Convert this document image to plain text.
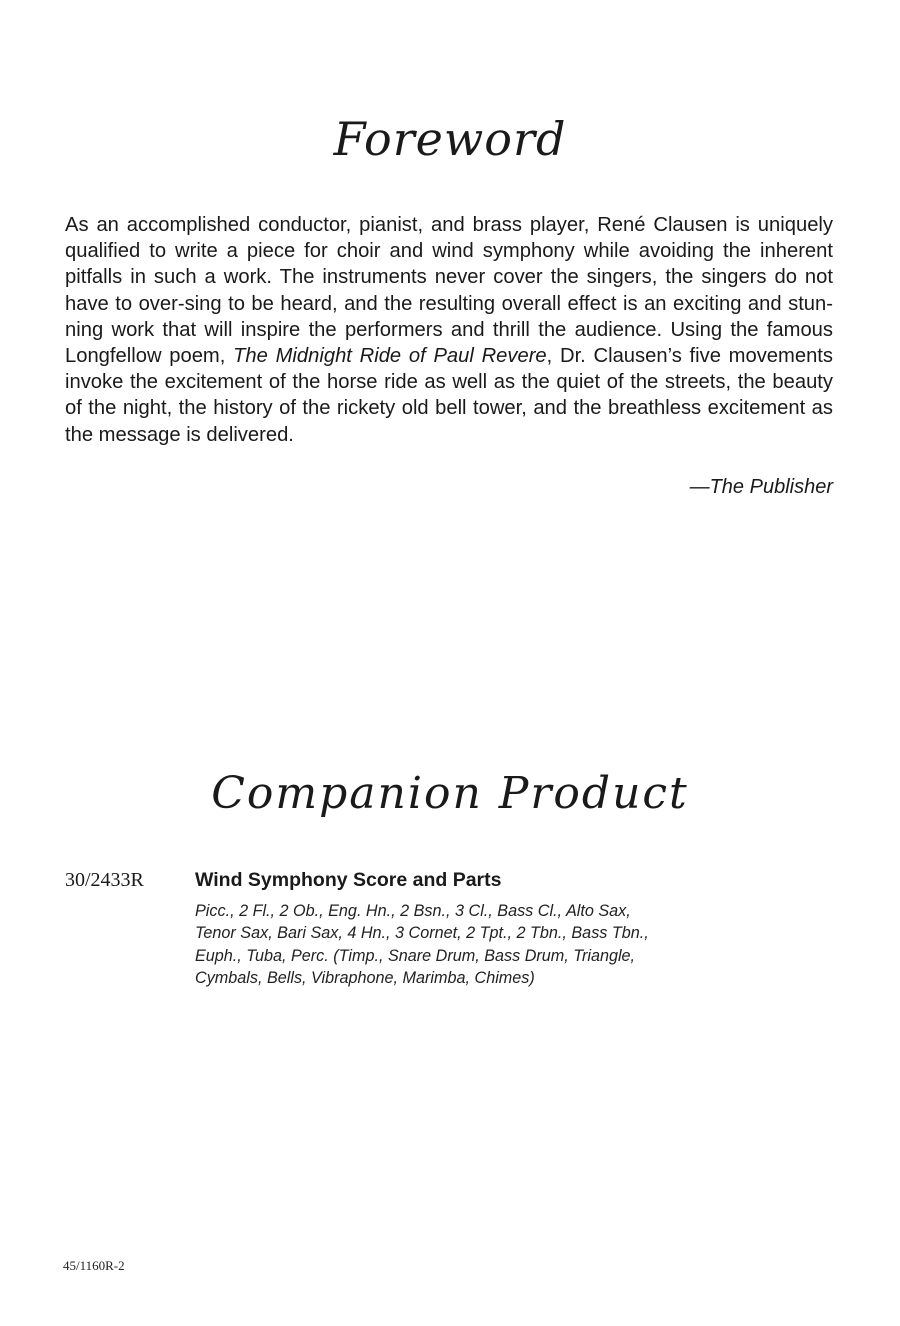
Foreword

As an accomplished conductor, pianist, and brass player, René Clausen is uniquely qualified to write a piece for choir and wind symphony while avoiding the inherent pitfalls in such a work. The instruments never cover the singers, the singers do not have to over-sing to be heard, and the resulting overall effect is an exciting and stunning work that will inspire the performers and thrill the audience. Using the famous Longfellow poem, The Midnight Ride of Paul Revere, Dr. Clausen’s five movements invoke the excitement of the horse ride as well as the quiet of the streets, the beauty of the night, the history of the rickety old bell tower, and the breathless excitement as the message is delivered.

—The Publisher

Companion Product
30/2433R	Wind Symphony Score and Parts
Picc., 2 Fl., 2 Ob., Eng. Hn., 2 Bsn., 3 Cl., Bass Cl., Alto Sax,
Tenor Sax, Bari Sax, 4 Hn., 3 Cornet, 2 Tpt., 2 Tbn., Bass Tbn.,
Euph., Tuba, Perc. (Timp., Snare Drum, Bass Drum, Triangle,
Cymbals, Bells, Vibraphone, Marimba, Chimes)
45/1160R-2
